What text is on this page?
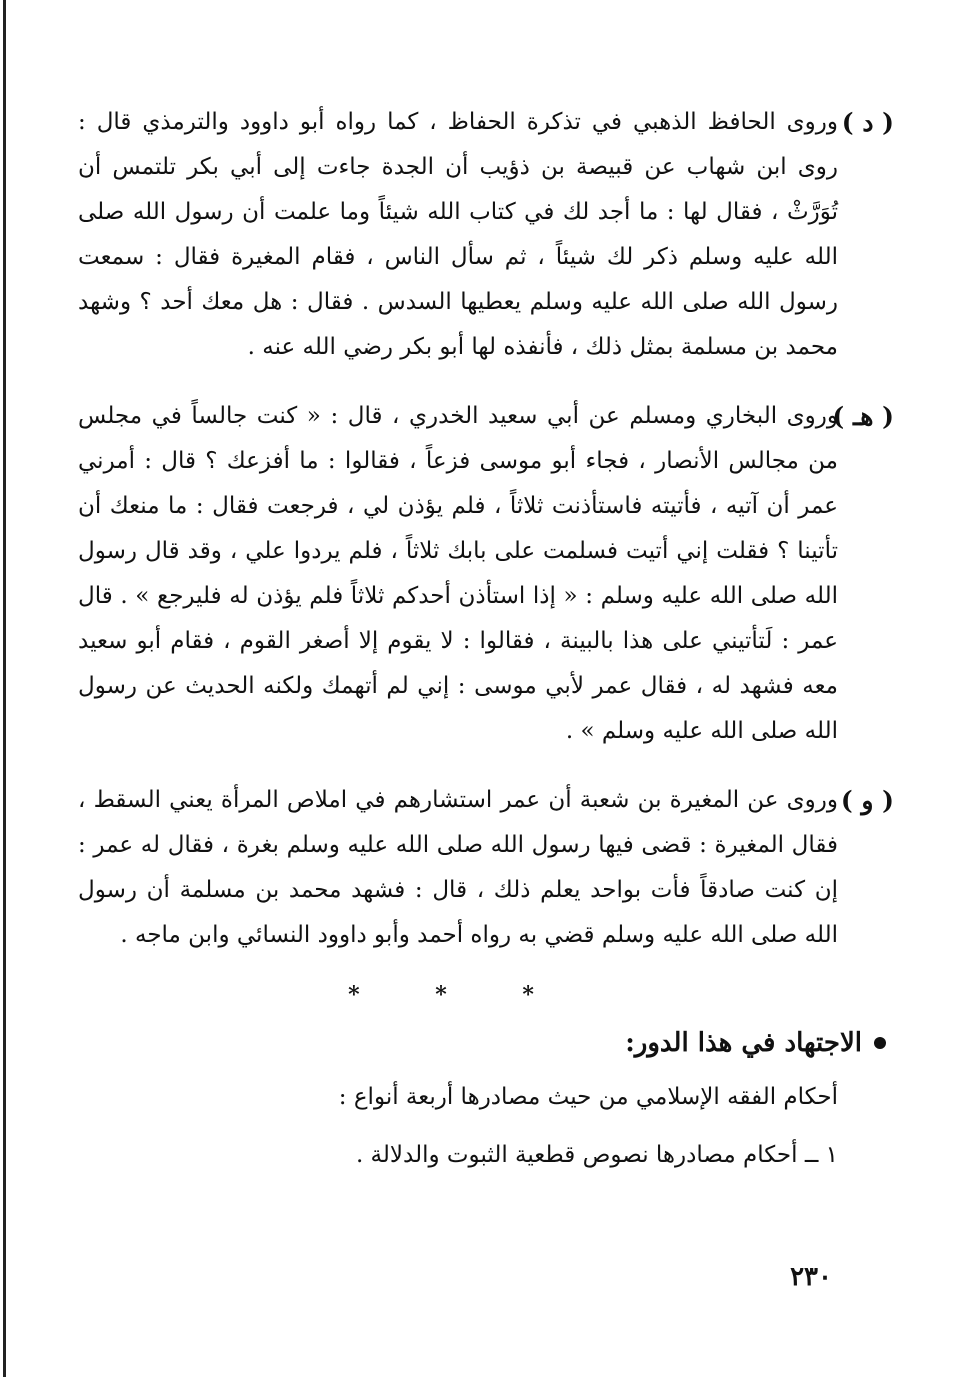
( د )

وروى الحافظ الذهبي في تذكرة الحفاظ ، كما رواه أبو داوود والترمذي قال : روى ابن شهاب عن قبيصة بن ذؤيب أن الجدة جاءت إلى أبي بكر تلتمس أن تُوَرَّثْ ، فقال لها : ما أجد لك في كتاب الله شيئاً وما علمت أن رسول الله صلى الله عليه وسلم ذكر لك شيئاً ، ثم سأل الناس ، فقام المغيرة فقال : سمعت رسول الله صلى الله عليه وسلم يعطيها السدس . فقال : هل معك أحد ؟ وشهد محمد بن مسلمة بمثل ذلك ، فأنفذه لها أبو بكر رضي الله عنه .

( هـ )

وروى البخاري ومسلم عن أبي سعيد الخدري ، قال : « كنت جالساً في مجلس من مجالس الأنصار ، فجاء أبو موسى فزعاً ، فقالوا : ما أفزعك ؟ قال : أمرني عمر أن آتيه ، فأتيته فاستأذنت ثلاثاً ، فلم يؤذن لي ، فرجعت فقال : ما منعك أن تأتينا ؟ فقلت إني أتيت فسلمت على بابك ثلاثاً ، فلم يردوا علي ، وقد قال رسول الله صلى الله عليه وسلم : « إذا استأذن أحدكم ثلاثاً فلم يؤذن له فليرجع » . قال عمر : لَتأتيني على هذا بالبينة ، فقالوا : لا يقوم إلا أصغر القوم ، فقام أبو سعيد معه فشهد له ، فقال عمر لأبي موسى : إني لم أتهمك ولكنه الحديث عن رسول الله صلى الله عليه وسلم » .

( و )

وروى عن المغيرة بن شعبة أن عمر استشارهم في املاص المرأة يعني السقط ، فقال المغيرة : قضى فيها رسول الله صلى الله عليه وسلم بغرة ، فقال له عمر : إن كنت صادقاً فأت بواحد يعلم ذلك ، قال : فشهد محمد بن مسلمة أن رسول الله صلى الله عليه وسلم قضي به رواه أحمد وأبو داوود النسائي وابن ماجه .

* * *
الاجتهاد في هذا الدور:

أحكام الفقه الإسلامي من حيث مصادرها أربعة أنواع :

١ ــ أحكام مصادرها نصوص قطعية الثبوت والدلالة .

٢٣٠
